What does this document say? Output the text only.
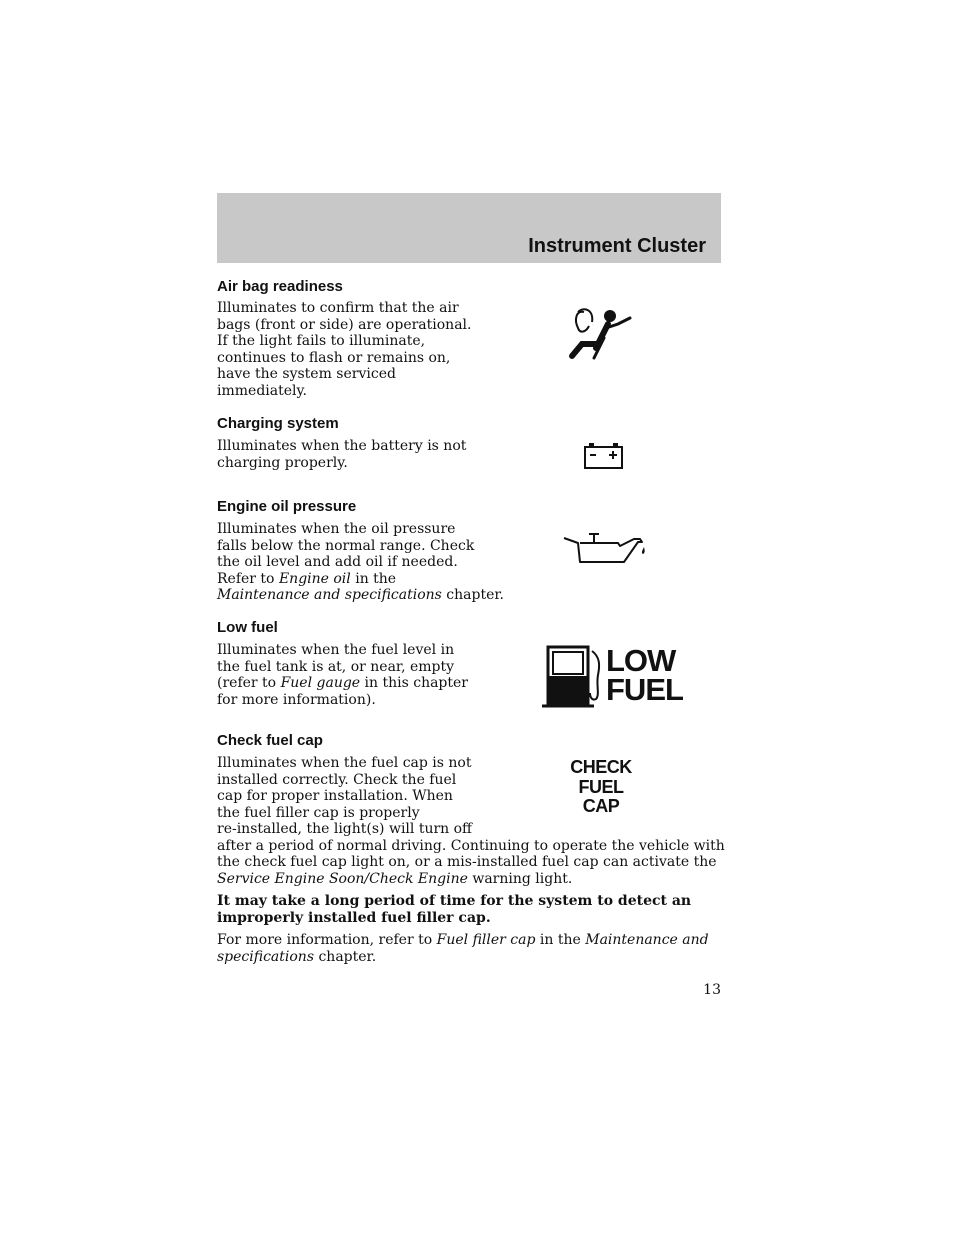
Instrument Cluster
Air bag readiness
Illuminates to confirm that the air
bags (front or side) are operational.
If the light fails to illuminate,
continues to flash or remains on,
have the system serviced
immediately.
Charging system
Illuminates when the battery is not
charging properly.
Engine oil pressure
Illuminates when the oil pressure
falls below the normal range. Check
the oil level and add oil if needed.
Refer to Engine oil in the
Maintenance and specifications chapter.
Low fuel
Illuminates when the fuel level in
the fuel tank is at, or near, empty
(refer to Fuel gauge in this chapter
for more information).
LOW
FUEL
Check fuel cap
Illuminates when the fuel cap is not
installed correctly. Check the fuel
cap for proper installation. When
the fuel filler cap is properly
re-installed, the light(s) will turn off
after a period of normal driving. Continuing to operate the vehicle with
the check fuel cap light on, or a mis-installed fuel cap can activate the
Service Engine Soon/Check Engine warning light.
CHECK
FUEL
CAP
It may take a long period of time for the system to detect an
improperly installed fuel filler cap.
For more information, refer to Fuel filler cap in the Maintenance and
specifications chapter.
13
